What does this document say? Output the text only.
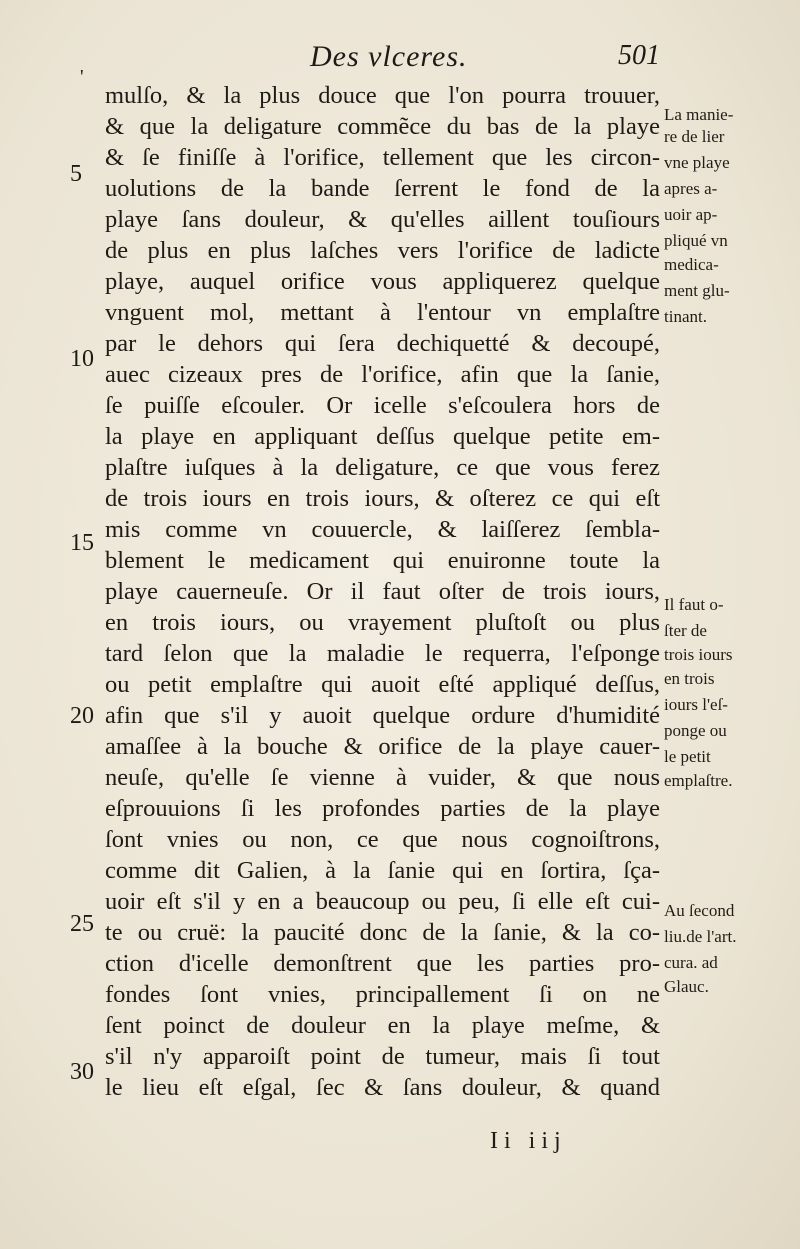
Des vlceres.	501
'
mulſo, & la plus douce que l'on pourra trouuer,
& que la deligature commẽce du bas de la playe
& ſe finiſſe à l'orifice, tellement que les circon-
uolutions de la bande ſerrent le fond de la
playe ſans douleur, & qu'elles aillent touſiours
de plus en plus laſches vers l'orifice de ladicte
playe, auquel orifice vous appliquerez quelque
vnguent mol, mettant à l'entour vn emplaſtre
par le dehors qui ſera dechiquetté & decoupé,
auec cizeaux pres de l'orifice, afin que la ſanie,
ſe puiſſe eſcouler. Or icelle s'eſcoulera hors de
la playe en appliquant deſſus quelque petite em-
plaſtre iuſques à la deligature, ce que vous ferez
de trois iours en trois iours, & oſterez ce qui eſt
mis comme vn couuercle, & laiſſerez ſembla-
blement le medicament qui enuironne toute la
playe cauerneuſe. Or il faut oſter de trois iours,
en trois iours, ou vrayement pluſtoſt ou plus
tard ſelon que la maladie le requerra, l'eſponge
ou petit emplaſtre qui auoit eſté appliqué deſſus,
afin que s'il y auoit quelque ordure d'humidité
amaſſee à la bouche & orifice de la playe cauer-
neuſe, qu'elle ſe vienne à vuider, & que nous
eſprouuions ſi les profondes parties de la playe
ſont vnies ou non, ce que nous cognoiſtrons,
comme dit Galien, à la ſanie qui en ſortira, ſça-
uoir eſt s'il y en a beaucoup ou peu, ſi elle eſt cui-
te ou cruë: la paucité donc de la ſanie, & la co-
ction d'icelle demonſtrent que les parties pro-
fondes ſont vnies, principallement ſi on ne
ſent poinct de douleur en la playe meſme, &
s'il n'y apparoiſt point de tumeur, mais ſi tout
le lieu eſt eſgal, ſec & ſans douleur, & quand
5
10
15
20
25
30
La manie-
re de lier
vne playe
apres a-
uoir ap-
pliqué vn
medica-
ment glu-
tinant.
Il faut o-
ſter de
trois iours
en trois
iours l'eſ-
ponge ou
le petit
emplaſtre.
Au ſecond
liu.de l'art.
cura. ad
Glauc.
Ii iij
